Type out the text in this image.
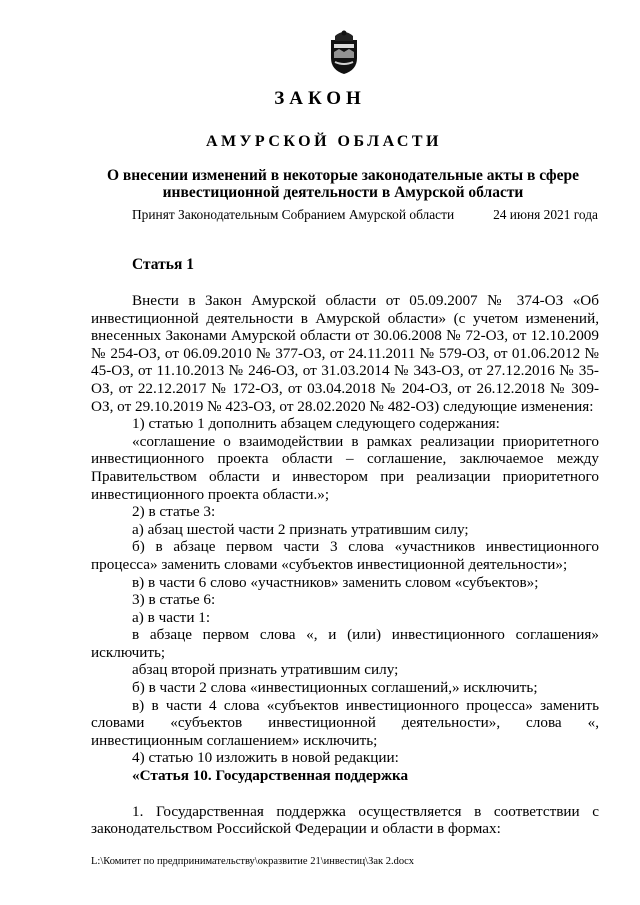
ЗАКОН
АМУРСКОЙ ОБЛАСТИ
О внесении изменений в некоторые законодательные акты в сфере инвестиционной деятельности в Амурской области
Принят Законодательным Собранием Амурской области	24 июня 2021 года
Статья 1

Внести в Закон Амурской области от 05.09.2007 № 374-ОЗ «Об инвестиционной деятельности в Амурской области» (с учетом изменений, внесенных Законами Амурской области от 30.06.2008 № 72-ОЗ, от 12.10.2009 № 254-ОЗ, от 06.09.2010 № 377-ОЗ, от 24.11.2011 № 579-ОЗ, от 01.06.2012 № 45-ОЗ, от 11.10.2013 № 246-ОЗ, от 31.03.2014 № 343-ОЗ, от 27.12.2016 № 35-ОЗ, от 22.12.2017 № 172-ОЗ, от 03.04.2018 № 204-ОЗ, от 26.12.2018 № 309-ОЗ, от 29.10.2019 № 423-ОЗ, от 28.02.2020 № 482-ОЗ) следующие изменения:

1) статью 1 дополнить абзацем следующего содержания:

«соглашение о взаимодействии в рамках реализации приоритетного инвестиционного проекта области – соглашение, заключаемое между Правительством области и инвестором при реализации приоритетного инвестиционного проекта области.»;

2) в статье 3:

а) абзац шестой части 2 признать утратившим силу;

б) в абзаце первом части 3 слова «участников инвестиционного процесса» заменить словами «субъектов инвестиционной деятельности»;

в) в части 6 слово «участников» заменить словом «субъектов»;

3) в статье 6:

а) в части 1:

в абзаце первом слова «, и (или) инвестиционного соглашения» исключить;

абзац второй признать утратившим силу;

б) в части 2 слова «инвестиционных соглашений,» исключить;

в) в части 4 слова «субъектов инвестиционного процесса» заменить словами «субъектов инвестиционной деятельности», слова «, инвестиционным соглашением» исключить;

4) статью 10 изложить в новой редакции:

«Статья 10. Государственная поддержка

1. Государственная поддержка осуществляется в соответствии с законодательством Российской Федерации и области в формах:

L:\Комитет по предпринимательству\окразвитие 21\инвестиц\Зак 2.docx
